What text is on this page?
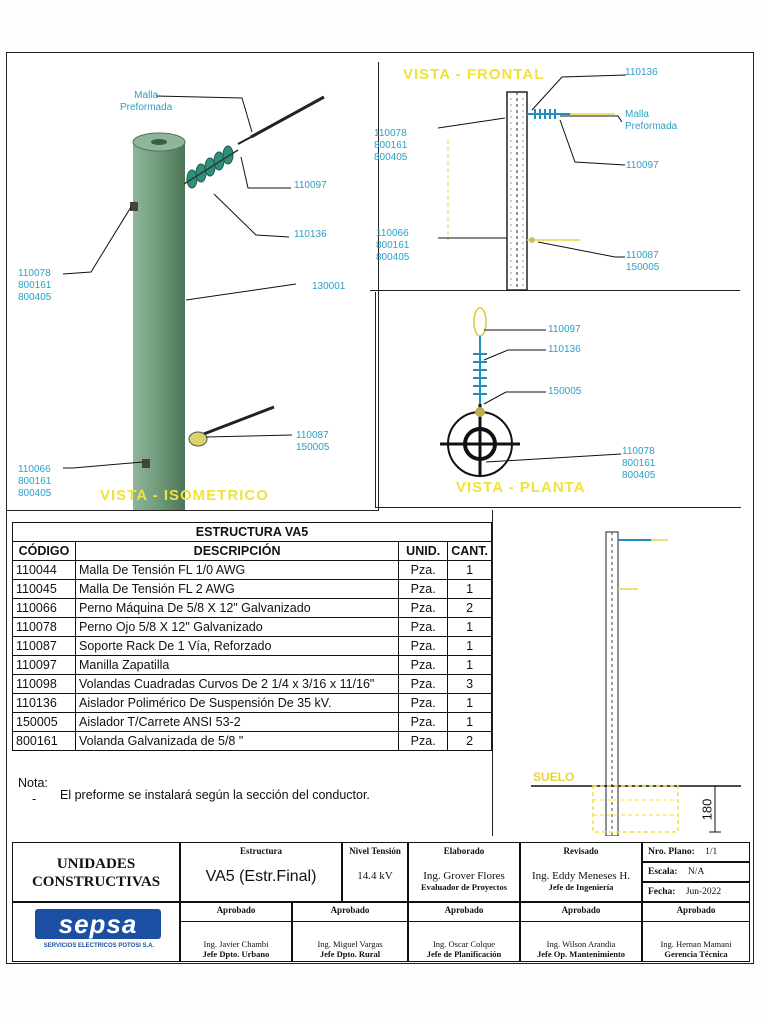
Malla
Preformada
110097
110136
110078
800161
800405
130001
110087
150005
110066
800161
800405	VISTA - ISOMETRICO
VISTA - FRONTAL	110136
Malla
Preformada
110078
800161
800405
110097
110066
800161
800405	110087
150005
110097
110136
150005
110078
800161
800405
VISTA - PLANTA
SUELO
180
ESTRUCTURA VA5			
CÓDIGO	DESCRIPCIÓN	UNID.	CANT.
110044	Malla De Tensión FL 1/0 AWG	Pza.	1
110045	Malla De Tensión FL 2 AWG	Pza.	1
110066	Perno Máquina De 5/8 X 12" Galvanizado	Pza.	2
110078	Perno Ojo 5/8 X 12" Galvanizado	Pza.	1
110087	Soporte Rack De 1 Vía, Reforzado	Pza.	1
110097	Manilla Zapatilla	Pza.	1
110098	Volandas Cuadradas Curvos De 2 1/4 x 3/16 x 11/16"	Pza.	3
110136	Aislador Polimérico De Suspensión De 35 kV.	Pza.	1
150005	Aislador T/Carrete ANSI 53-2	Pza.	1
800161	Volanda Galvanizada de 5/8 "	Pza.	2
Nota:
- El preforme se instalará según la sección del conductor.
UNIDADES
CONSTRUCTIVAS
Estructura
VA5 (Estr.Final)
Nivel Tensión
14.4 kV
Elaborado
Ing. Grover Flores
Evaluador de Proyectos
Revisado
Ing. Eddy Meneses H.
Jefe de Ingeniería
Nro. Plano: 1/1
Escala: N/A
Fecha: Jun-2022
sepsa
SERVICIOS ELECTRICOS POTOSI S.A.
Aprobado
Ing. Javier Chambi
Jefe Dpto. Urbano
Aprobado
Ing. Miguel Vargas
Jefe Dpto. Rural
Aprobado
Ing. Oscar Colque
Jefe de Planificación
Aprobado
Ing. Wilson Arandia
Jefe Op. Mantenimiento
Aprobado
Ing. Hernan Mamani
Gerencia Técnica
